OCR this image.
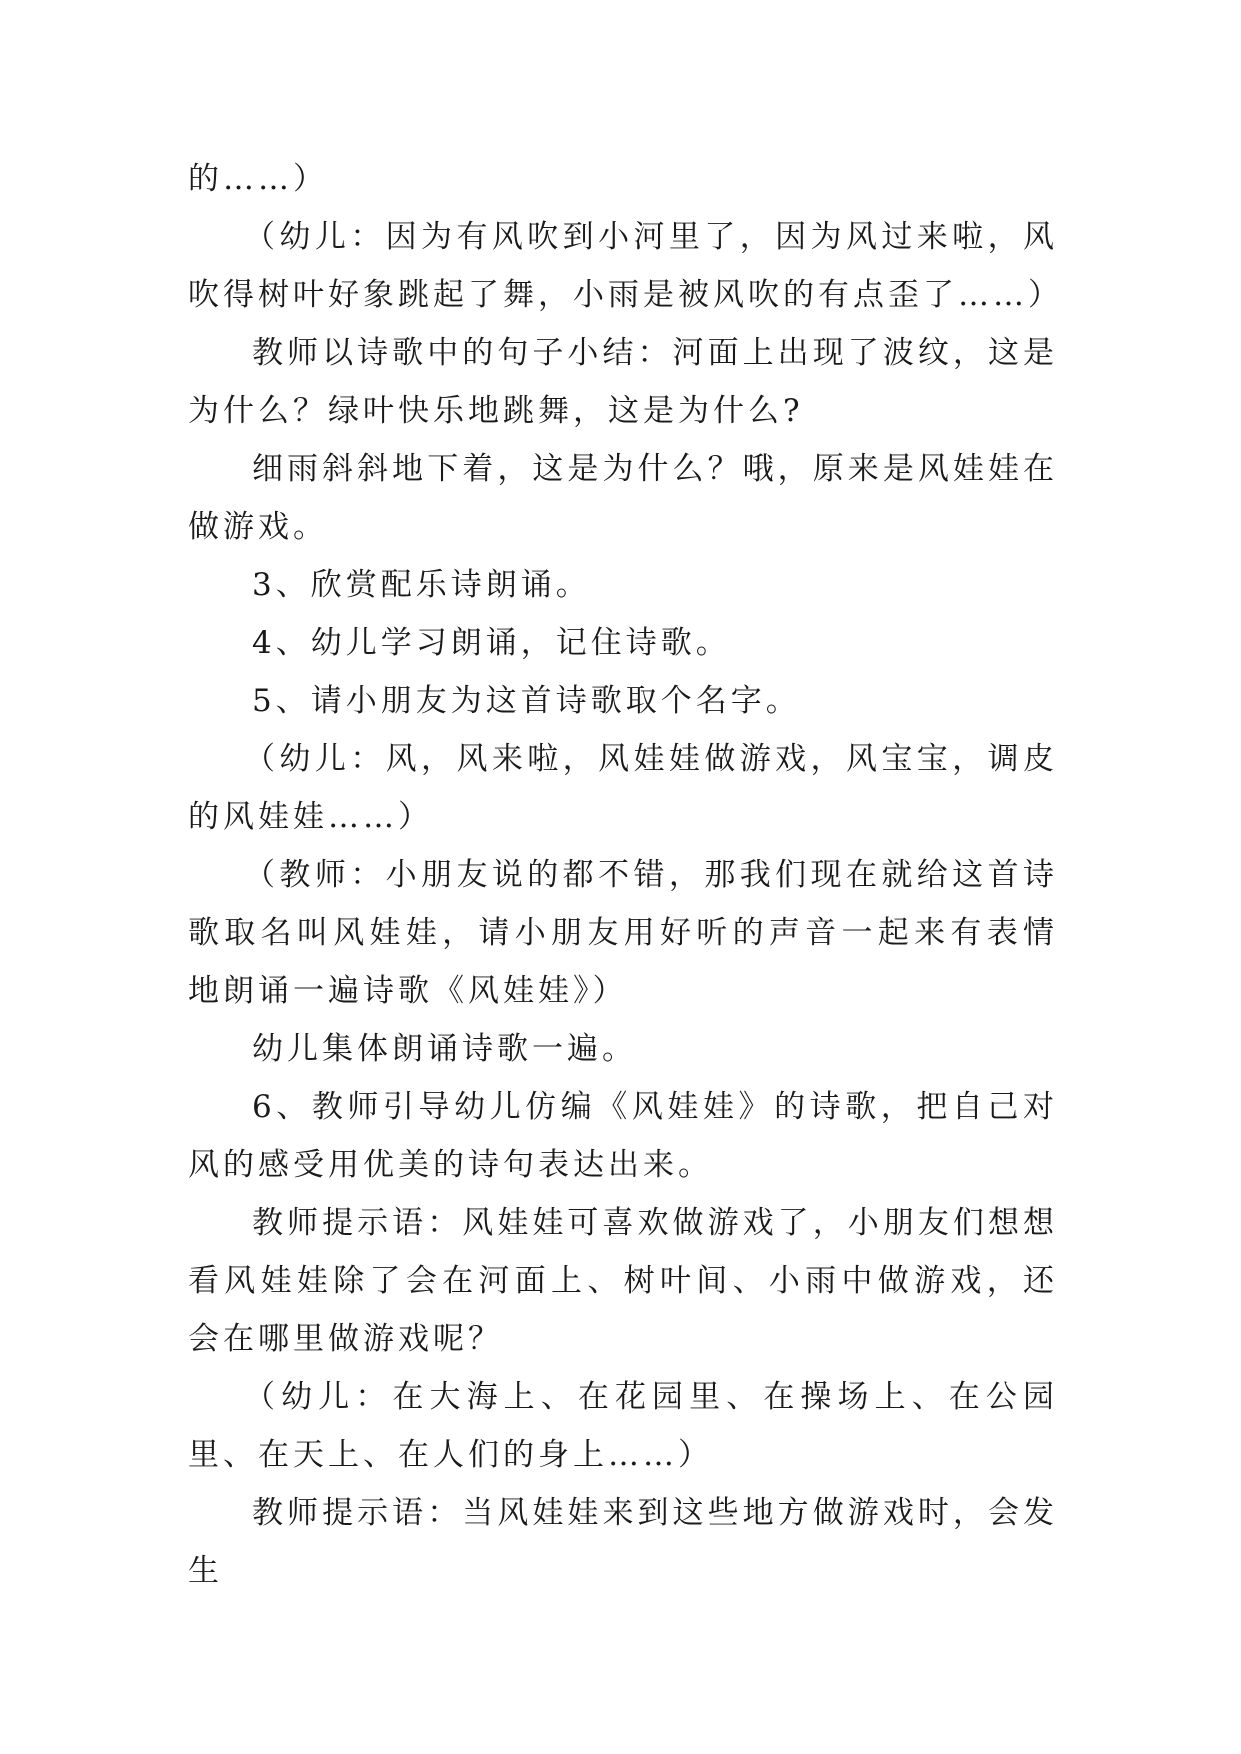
的……）

（幼儿：因为有风吹到小河里了，因为风过来啦，风吹得树叶好象跳起了舞，小雨是被风吹的有点歪了……）

教师以诗歌中的句子小结：河面上出现了波纹，这是为什么？绿叶快乐地跳舞，这是为什么?

细雨斜斜地下着，这是为什么？哦，原来是风娃娃在做游戏。

3、欣赏配乐诗朗诵。

4、幼儿学习朗诵，记住诗歌。

5、请小朋友为这首诗歌取个名字。

（幼儿：风，风来啦，风娃娃做游戏，风宝宝，调皮的风娃娃……）

（教师：小朋友说的都不错，那我们现在就给这首诗歌取名叫风娃娃，请小朋友用好听的声音一起来有表情地朗诵一遍诗歌《风娃娃》）

幼儿集体朗诵诗歌一遍。

6、教师引导幼儿仿编《风娃娃》的诗歌，把自己对风的感受用优美的诗句表达出来。

教师提示语：风娃娃可喜欢做游戏了，小朋友们想想看风娃娃除了会在河面上、树叶间、小雨中做游戏，还会在哪里做游戏呢？

（幼儿：在大海上、在花园里、在操场上、在公园里、在天上、在人们的身上……）

教师提示语：当风娃娃来到这些地方做游戏时，会发生
